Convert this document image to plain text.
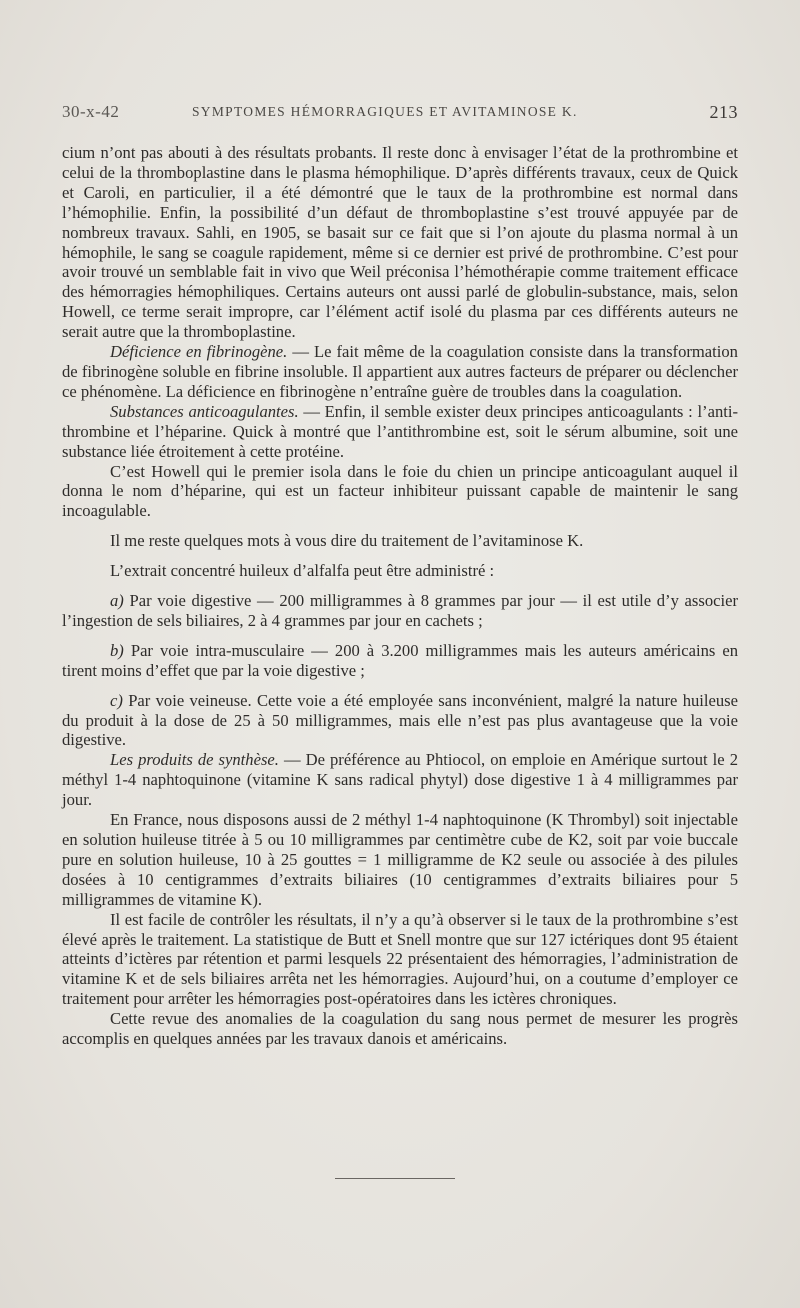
30-x-42	SYMPTOMES HÉMORRAGIQUES ET AVITAMINOSE K.	213

cium n’ont pas abouti à des résultats probants. Il reste donc à envisager l’état de la prothrombine et celui de la thromboplastine dans le plasma hémophilique. D’après différents travaux, ceux de Quick et Caroli, en particulier, il a été démontré que le taux de la prothrombine est normal dans l’hémophilie. Enfin, la possibilité d’un défaut de thromboplastine s’est trouvé appuyée par de nombreux travaux. Sahli, en 1905, se basait sur ce fait que si l’on ajoute du plasma normal à un hémophile, le sang se coagule rapidement, même si ce dernier est privé de prothrombine. C’est pour avoir trouvé un semblable fait in vivo que Weil préconisa l’hémothérapie comme traitement efficace des hémorragies hémophiliques. Certains auteurs ont aussi parlé de globulin-substance, mais, selon Howell, ce terme serait impropre, car l’élément actif isolé du plasma par ces différents auteurs ne serait autre que la thromboplastine.

Déficience en fibrinogène. — Le fait même de la coagulation consiste dans la transformation de fibrinogène soluble en fibrine insoluble. Il appartient aux autres facteurs de préparer ou déclencher ce phénomène. La déficience en fibrinogène n’entraîne guère de troubles dans la coagulation.

Substances anticoagulantes. — Enfin, il semble exister deux principes anticoagulants : l’anti-thrombine et l’héparine. Quick à montré que l’antithrombine est, soit le sérum albumine, soit une substance liée étroitement à cette protéine.

C’est Howell qui le premier isola dans le foie du chien un principe anticoagulant auquel il donna le nom d’héparine, qui est un facteur inhibiteur puissant capable de maintenir le sang incoagulable.

Il me reste quelques mots à vous dire du traitement de l’avitaminose K.

L’extrait concentré huileux d’alfalfa peut être administré :

a) Par voie digestive — 200 milligrammes à 8 grammes par jour — il est utile d’y associer l’ingestion de sels biliaires, 2 à 4 grammes par jour en cachets ;

b) Par voie intra-musculaire — 200 à 3.200 milligrammes mais les auteurs américains en tirent moins d’effet que par la voie digestive ;

c) Par voie veineuse. Cette voie a été employée sans inconvénient, malgré la nature huileuse du produit à la dose de 25 à 50 milligrammes, mais elle n’est pas plus avantageuse que la voie digestive.

Les produits de synthèse. — De préférence au Phtiocol, on emploie en Amérique surtout le 2 méthyl 1-4 naphtoquinone (vitamine K sans radical phytyl) dose digestive 1 à 4 milligrammes par jour.

En France, nous disposons aussi de 2 méthyl 1-4 naphtoquinone (K Thrombyl) soit injectable en solution huileuse titrée à 5 ou 10 milligrammes par centimètre cube de K2, soit par voie buccale pure en solution huileuse, 10 à 25 gouttes = 1 milligramme de K2 seule ou associée à des pilules dosées à 10 centigrammes d’extraits biliaires (10 centigrammes d’extraits biliaires pour 5 milligrammes de vitamine K).

Il est facile de contrôler les résultats, il n’y a qu’à observer si le taux de la prothrombine s’est élevé après le traitement. La statistique de Butt et Snell montre que sur 127 ictériques dont 95 étaient atteints d’ictères par rétention et parmi lesquels 22 présentaient des hémorragies, l’administration de vitamine K et de sels biliaires arrêta net les hémorragies. Aujourd’hui, on a coutume d’employer ce traitement pour arrêter les hémorragies post-opératoires dans les ictères chroniques.

Cette revue des anomalies de la coagulation du sang nous permet de mesurer les progrès accomplis en quelques années par les travaux danois et américains.
